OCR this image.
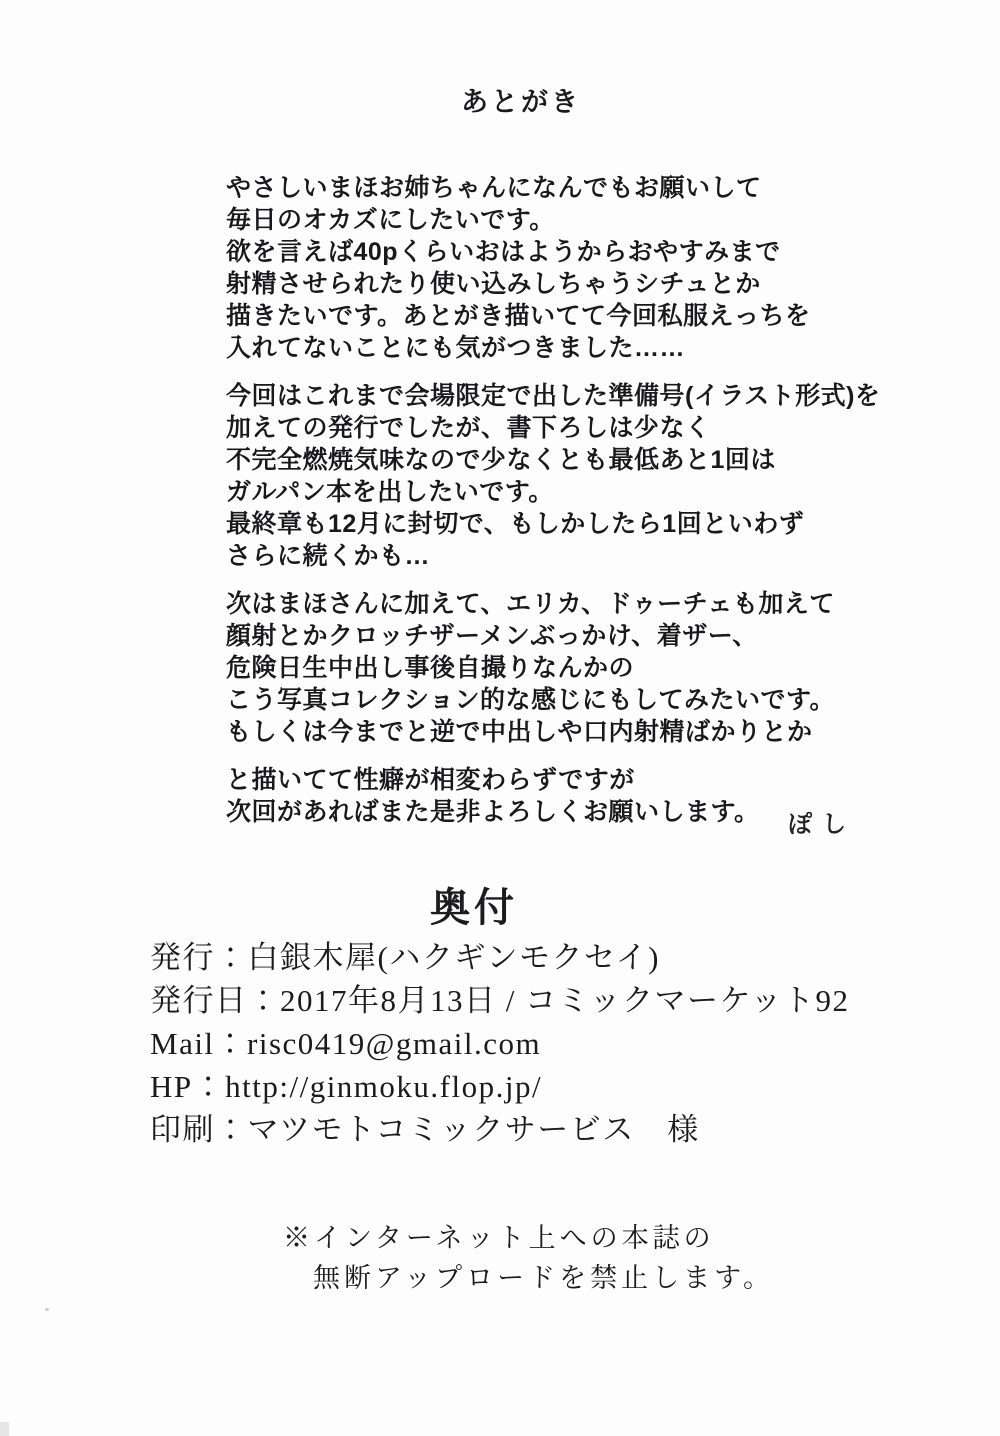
あとがき
やさしいまほお姉ちゃんになんでもお願いして
毎日のオカズにしたいです。
欲を言えば40pくらいおはようからおやすみまで
射精させられたり使い込みしちゃうシチュとか
描きたいです。あとがき描いてて今回私服えっちを
入れてないことにも気がつきました……
今回はこれまで会場限定で出した準備号(イラスト形式)を
加えての発行でしたが、書下ろしは少なく
不完全燃焼気味なので少なくとも最低あと1回は
ガルパン本を出したいです。
最終章も12月に封切で、もしかしたら1回といわず
さらに続くかも…
次はまほさんに加えて、エリカ、ドゥーチェも加えて
顔射とかクロッチザーメンぶっかけ、着ザー、
危険日生中出し事後自撮りなんかの
こう写真コレクション的な感じにもしてみたいです。
もしくは今までと逆で中出しや口内射精ばかりとか
と描いてて性癖が相変わらずですが
次回があればまた是非よろしくお願いします。	ぽし
奥付
発行：白銀木犀(ハクギンモクセイ)
発行日：2017年8月13日 / コミックマーケット92
Mail：risc0419@gmail.com
HP：http://ginmoku.flop.jp/
印刷：マツモトコミックサービス　様
※インターネット上への本誌の
無断アップロードを禁止します。
